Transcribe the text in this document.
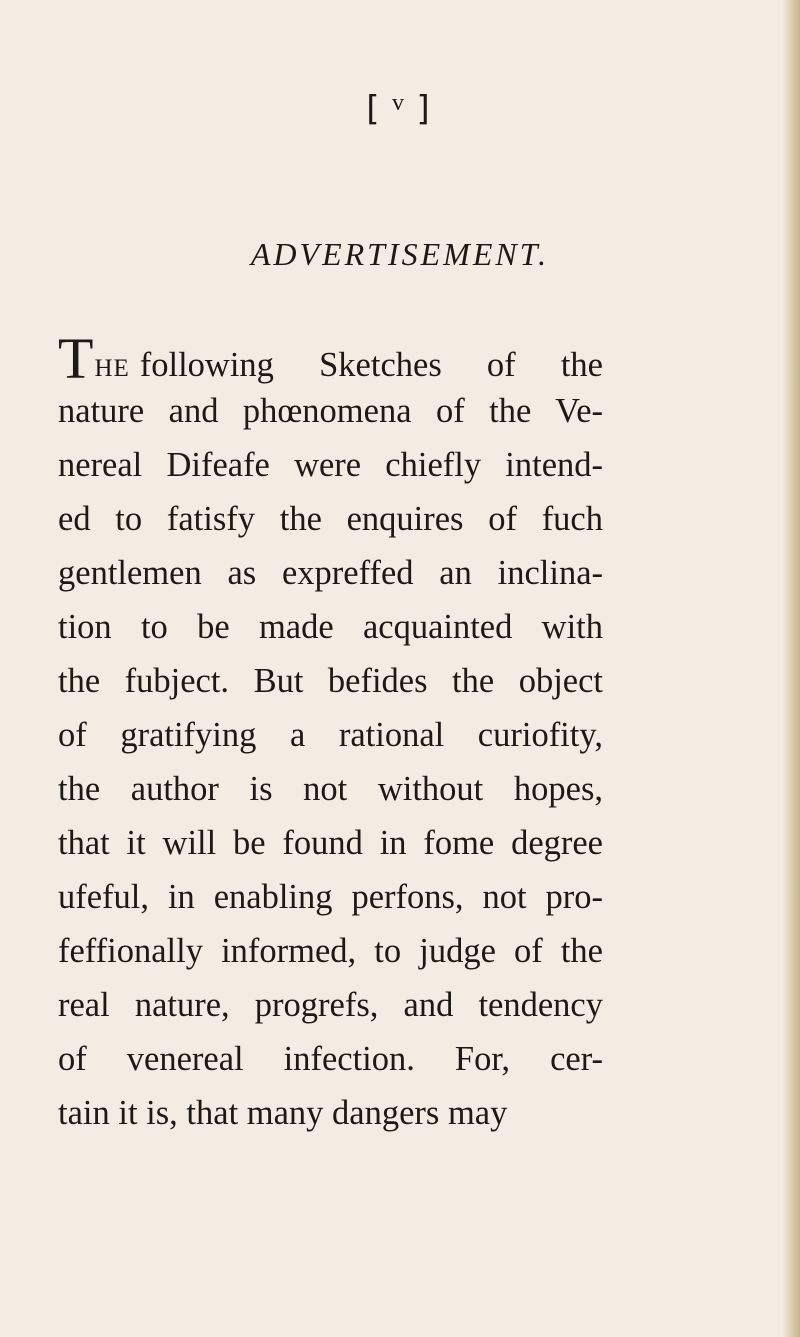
[ $^v$ ]
ADVERTISEMENT.
THE following Sketches of the
nature and phœnomena of the Ve-
nereal Difeafe were chiefly intend-
ed to fatisfy the enquires of fuch
gentlemen as expreffed an inclina-
tion to be made acquainted with
the fubject. But befides the object
of gratifying a rational curiofity,
the author is not without hopes,
that it will be found in fome degree
ufeful, in enabling perfons, not pro-
feffionally informed, to judge of the
real nature, progrefs, and tendency
of venereal infection. For, cer-
tain it is, that many dangers may
